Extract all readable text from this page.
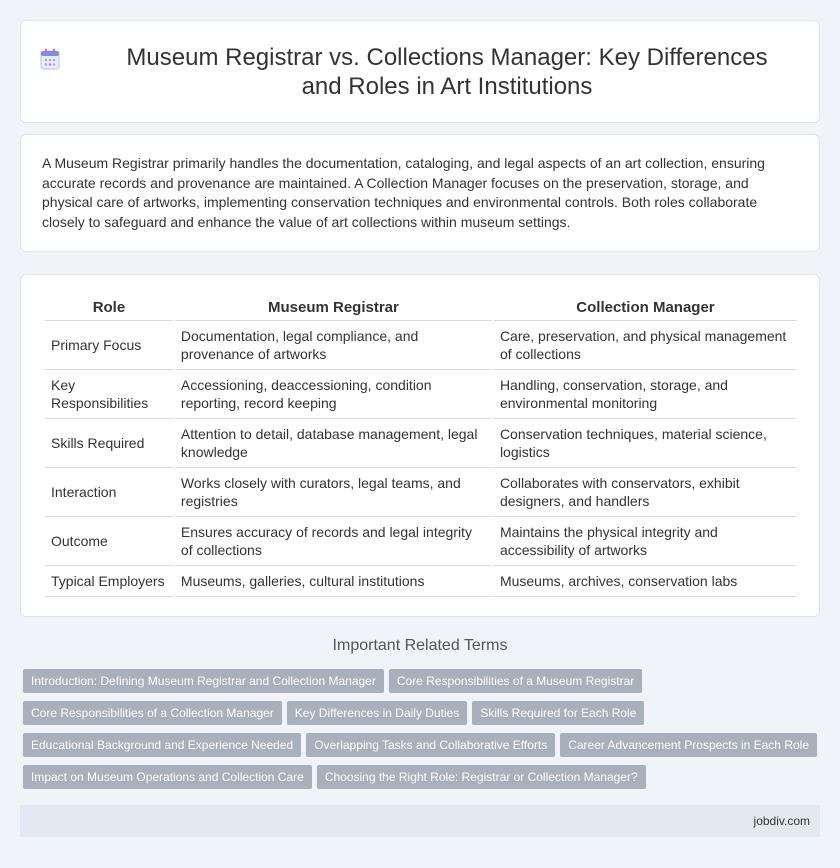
Museum Registrar vs. Collections Manager: Key Differences and Roles in Art Institutions

A Museum Registrar primarily handles the documentation, cataloging, and legal aspects of an art collection, ensuring accurate records and provenance are maintained. A Collection Manager focuses on the preservation, storage, and physical care of artworks, implementing conservation techniques and environmental controls. Both roles collaborate closely to safeguard and enhance the value of art collections within museum settings.

Role	Museum Registrar	Collection Manager
Primary Focus	Documentation, legal compliance, and provenance of artworks	Care, preservation, and physical management of collections
Key Responsibilities	Accessioning, deaccessioning, condition reporting, record keeping	Handling, conservation, storage, and environmental monitoring
Skills Required	Attention to detail, database management, legal knowledge	Conservation techniques, material science, logistics
Interaction	Works closely with curators, legal teams, and registries	Collaborates with conservators, exhibit designers, and handlers
Outcome	Ensures accuracy of records and legal integrity of collections	Maintains the physical integrity and accessibility of artworks
Typical Employers	Museums, galleries, cultural institutions	Museums, archives, conservation labs
Important Related Terms
Introduction: Defining Museum Registrar and Collection Manager Core Responsibilities of a Museum Registrar
Core Responsibilities of a Collection Manager Key Differences in Daily Duties Skills Required for Each Role
Educational Background and Experience Needed Overlapping Tasks and Collaborative Efforts Career Advancement Prospects in Each Role
Impact on Museum Operations and Collection Care Choosing the Right Role: Registrar or Collection Manager?
jobdiv.com
